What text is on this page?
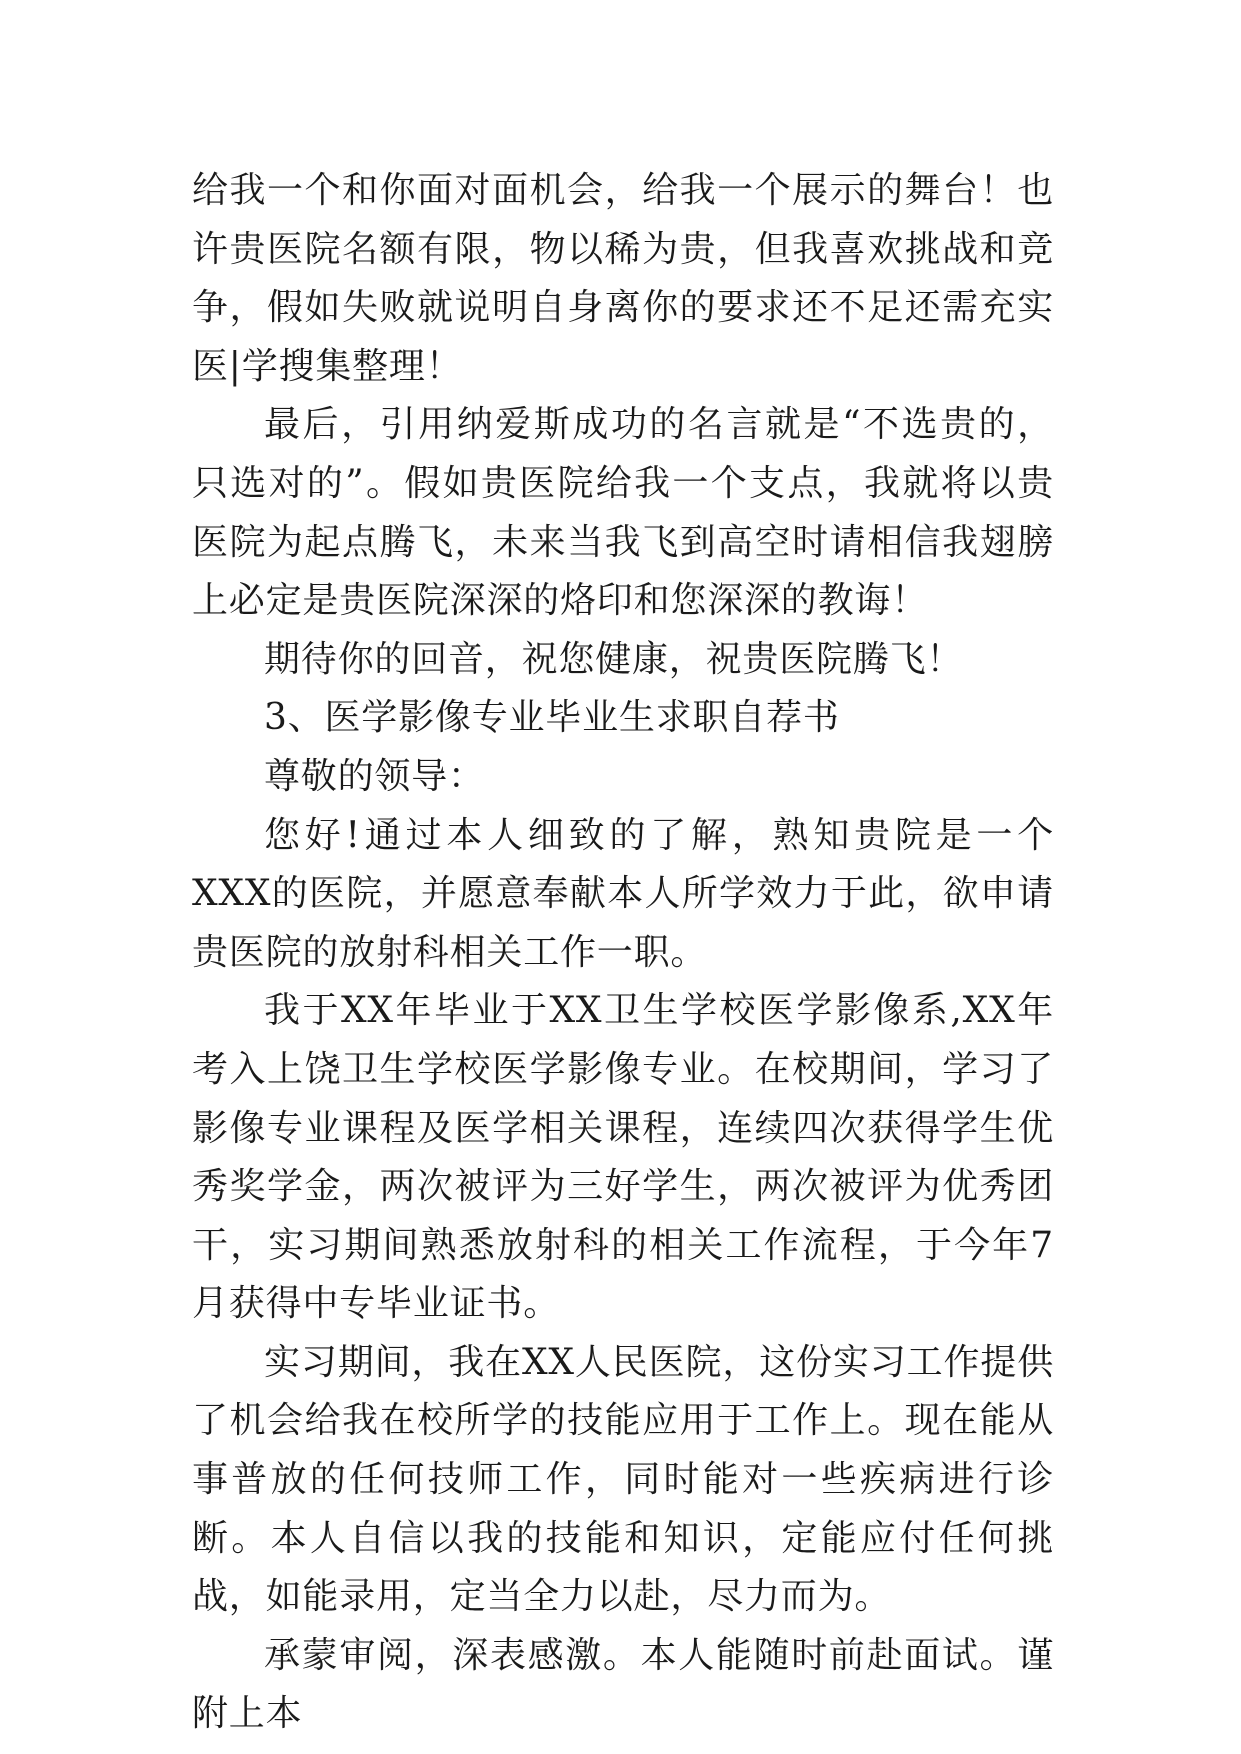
给我一个和你面对面机会，给我一个展示的舞台！也许贵医院名额有限，物以稀为贵，但我喜欢挑战和竞争，假如失败就说明自身离你的要求还不足还需充实医|学搜集整理！

最后，引用纳爱斯成功的名言就是“不选贵的，只选对的”。假如贵医院给我一个支点，我就将以贵医院为起点腾飞，未来当我飞到高空时请相信我翅膀上必定是贵医院深深的烙印和您深深的教诲！

期待你的回音，祝您健康，祝贵医院腾飞！

3、医学影像专业毕业生求职自荐书

尊敬的领导：

您好!通过本人细致的了解，熟知贵院是一个XXX的医院，并愿意奉献本人所学效力于此，欲申请贵医院的放射科相关工作一职。

我于XX年毕业于XX卫生学校医学影像系,XX年考入上饶卫生学校医学影像专业。在校期间，学习了影像专业课程及医学相关课程，连续四次获得学生优秀奖学金，两次被评为三好学生，两次被评为优秀团干，实习期间熟悉放射科的相关工作流程，于今年7月获得中专毕业证书。

实习期间，我在XX人民医院，这份实习工作提供了机会给我在校所学的技能应用于工作上。现在能从事普放的任何技师工作，同时能对一些疾病进行诊断。本人自信以我的技能和知识，定能应付任何挑战，如能录用，定当全力以赴，尽力而为。

承蒙审阅，深表感激。本人能随时前赴面试。谨附上本
